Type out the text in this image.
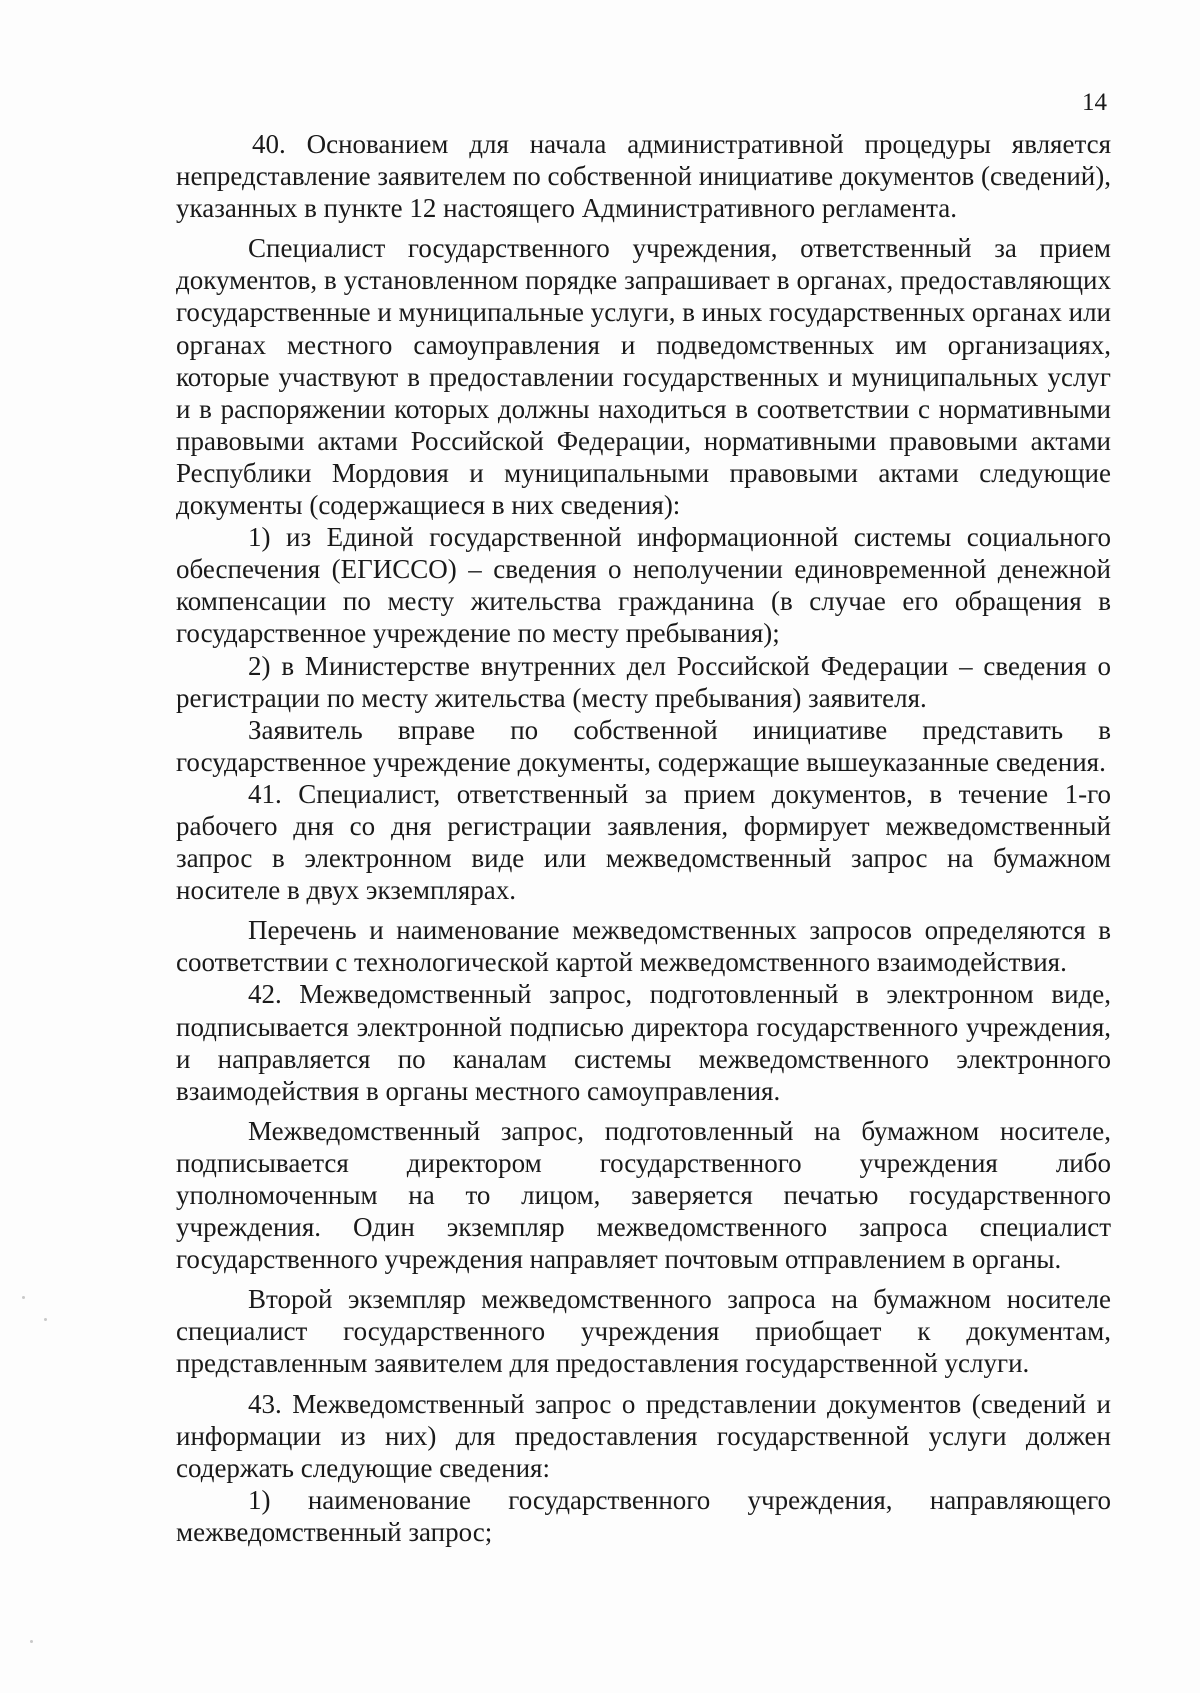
14

40. Основанием для начала административной процедуры является непредставление заявителем по собственной инициативе документов (сведений), указанных в пункте 12 настоящего Административного регламента.

Специалист государственного учреждения, ответственный за прием документов, в установленном порядке запрашивает в органах, предоставляющих государственные и муниципальные услуги, в иных государственных органах или органах местного самоуправления и подведомственных им организациях, которые участвуют в предоставлении государственных и муниципальных услуг и в распоряжении которых должны находиться в соответствии с нормативными правовыми актами Российской Федерации, нормативными правовыми актами Республики Мордовия и муниципальными правовыми актами следующие документы (содержащиеся в них сведения):

1) из Единой государственной информационной системы социального обеспечения (ЕГИССО) – сведения о неполучении единовременной денежной компенсации по месту жительства гражданина (в случае его обращения в государственное учреждение по месту пребывания);

2) в Министерстве внутренних дел Российской Федерации – сведения о регистрации по месту жительства (месту пребывания) заявителя.

Заявитель вправе по собственной инициативе представить в государственное учреждение документы, содержащие вышеуказанные сведения.

41. Специалист, ответственный за прием документов, в течение 1-го рабочего дня со дня регистрации заявления, формирует межведомственный запрос в электронном виде или межведомственный запрос на бумажном носителе в двух экземплярах.

Перечень и наименование межведомственных запросов определяются в соответствии с технологической картой межведомственного взаимодействия.

42. Межведомственный запрос, подготовленный в электронном виде, подписывается электронной подписью директора государственного учреждения, и направляется по каналам системы межведомственного электронного взаимодействия в органы местного самоуправления.

Межведомственный запрос, подготовленный на бумажном носителе, подписывается директором государственного учреждения либо уполномоченным на то лицом, заверяется печатью государственного учреждения. Один экземпляр межведомственного запроса специалист государственного учреждения направляет почтовым отправлением в органы.

Второй экземпляр межведомственного запроса на бумажном носителе специалист государственного учреждения приобщает к документам, представленным заявителем для предоставления государственной услуги.

43. Межведомственный запрос о представлении документов (сведений и информации из них) для предоставления государственной услуги должен содержать следующие сведения:

1) наименование государственного учреждения, направляющего межведомственный запрос;
